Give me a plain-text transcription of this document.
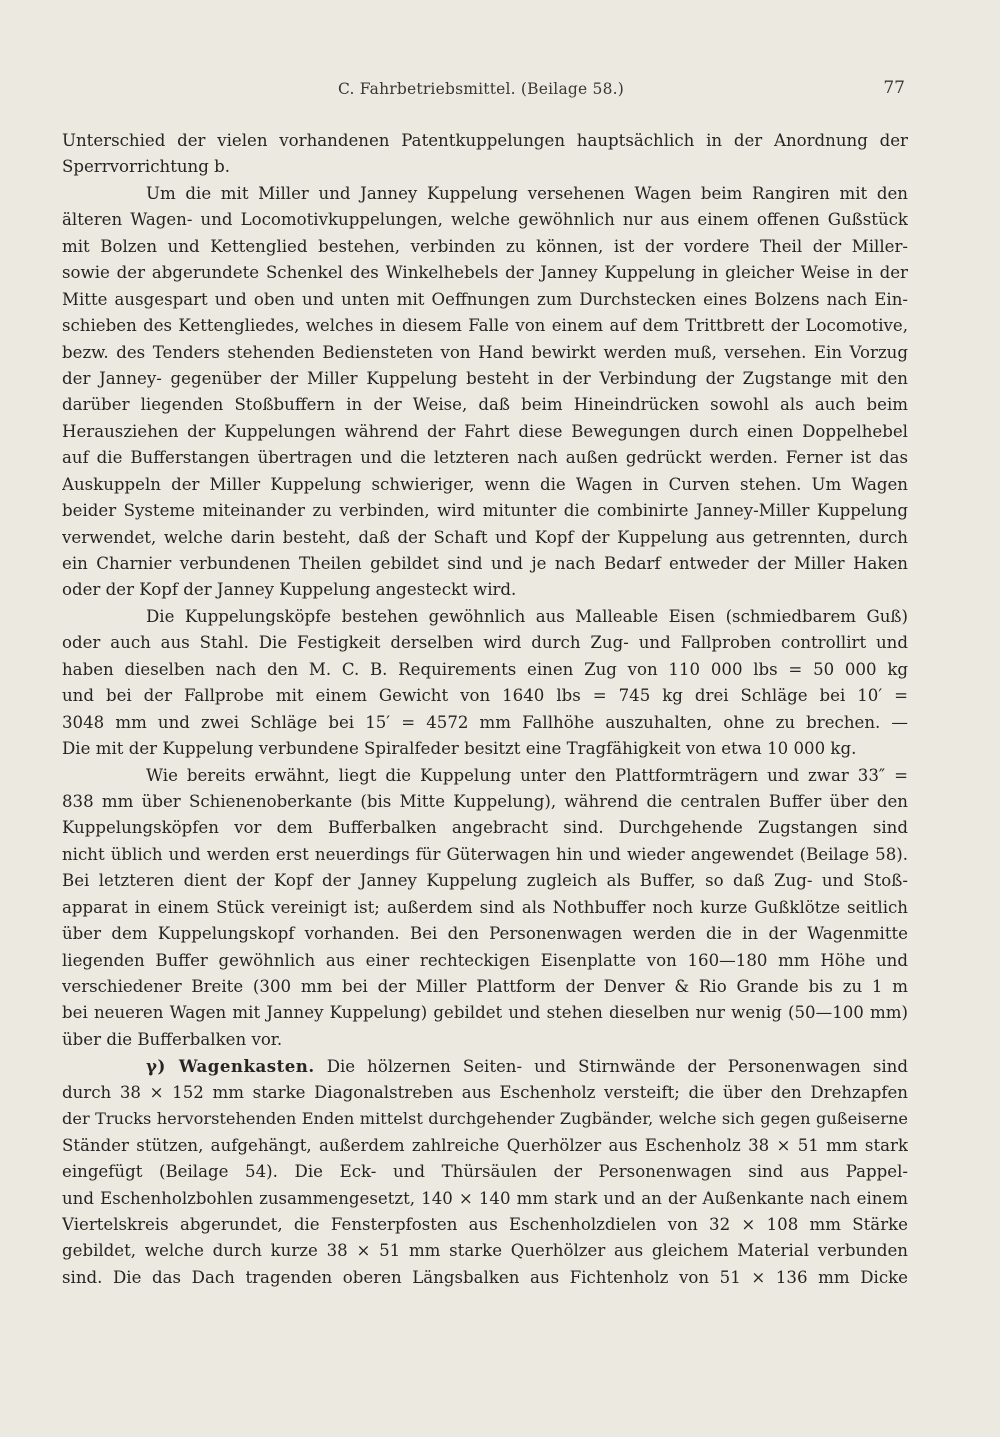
C. Fahrbetriebsmittel. (Beilage 58.)	77
Unterschied der vielen vorhandenen Patentkuppelungen hauptsächlich in der Anordnung der
Sperrvorrichtung b.
Um die mit Miller und Janney Kuppelung versehenen Wagen beim Rangiren mit den
älteren Wagen- und Locomotivkuppelungen, welche gewöhnlich nur aus einem offenen Gußstück
mit Bolzen und Kettenglied bestehen, verbinden zu können, ist der vordere Theil der Miller-
sowie der abgerundete Schenkel des Winkelhebels der Janney Kuppelung in gleicher Weise in der
Mitte ausgespart und oben und unten mit Oeffnungen zum Durchstecken eines Bolzens nach Ein-
schieben des Kettengliedes, welches in diesem Falle von einem auf dem Trittbrett der Locomotive,
bezw. des Tenders stehenden Bediensteten von Hand bewirkt werden muß, versehen. Ein Vorzug
der Janney- gegenüber der Miller Kuppelung besteht in der Verbindung der Zugstange mit den
darüber liegenden Stoßbuffern in der Weise, daß beim Hineindrücken sowohl als auch beim
Herausziehen der Kuppelungen während der Fahrt diese Bewegungen durch einen Doppelhebel
auf die Bufferstangen übertragen und die letzteren nach außen gedrückt werden. Ferner ist das
Auskuppeln der Miller Kuppelung schwieriger, wenn die Wagen in Curven stehen. Um Wagen
beider Systeme miteinander zu verbinden, wird mitunter die combinirte Janney-Miller Kuppelung
verwendet, welche darin besteht, daß der Schaft und Kopf der Kuppelung aus getrennten, durch
ein Charnier verbundenen Theilen gebildet sind und je nach Bedarf entweder der Miller Haken
oder der Kopf der Janney Kuppelung angesteckt wird.
Die Kuppelungsköpfe bestehen gewöhnlich aus Malleable Eisen (schmiedbarem Guß)
oder auch aus Stahl. Die Festigkeit derselben wird durch Zug- und Fallproben controllirt und
haben dieselben nach den M. C. B. Requirements einen Zug von 110 000 lbs = 50 000 kg
und bei der Fallprobe mit einem Gewicht von 1640 lbs = 745 kg drei Schläge bei 10′ =
3048 mm und zwei Schläge bei 15′ = 4572 mm Fallhöhe auszuhalten, ohne zu brechen. —
Die mit der Kuppelung verbundene Spiralfeder besitzt eine Tragfähigkeit von etwa 10 000 kg.
Wie bereits erwähnt, liegt die Kuppelung unter den Plattformträgern und zwar 33″ =
838 mm über Schienenoberkante (bis Mitte Kuppelung), während die centralen Buffer über den
Kuppelungsköpfen vor dem Bufferbalken angebracht sind. Durchgehende Zugstangen sind
nicht üblich und werden erst neuerdings für Güterwagen hin und wieder angewendet (Beilage 58).
Bei letzteren dient der Kopf der Janney Kuppelung zugleich als Buffer, so daß Zug- und Stoß-
apparat in einem Stück vereinigt ist; außerdem sind als Nothbuffer noch kurze Gußklötze seitlich
über dem Kuppelungskopf vorhanden. Bei den Personenwagen werden die in der Wagenmitte
liegenden Buffer gewöhnlich aus einer rechteckigen Eisenplatte von 160—180 mm Höhe und
verschiedener Breite (300 mm bei der Miller Plattform der Denver & Rio Grande bis zu 1 m
bei neueren Wagen mit Janney Kuppelung) gebildet und stehen dieselben nur wenig (50—100 mm)
über die Bufferbalken vor.
γ) Wagenkasten. Die hölzernen Seiten- und Stirnwände der Personenwagen sind
durch 38 × 152 mm starke Diagonalstreben aus Eschenholz versteift; die über den Drehzapfen
der Trucks hervorstehenden Enden mittelst durchgehender Zugbänder, welche sich gegen gußeiserne
Ständer stützen, aufgehängt, außerdem zahlreiche Querhölzer aus Eschenholz 38 × 51 mm stark
eingefügt (Beilage 54). Die Eck- und Thürsäulen der Personenwagen sind aus Pappel-
und Eschenholzbohlen zusammengesetzt, 140 × 140 mm stark und an der Außenkante nach einem
Viertelskreis abgerundet, die Fensterpfosten aus Eschenholzdielen von 32 × 108 mm Stärke
gebildet, welche durch kurze 38 × 51 mm starke Querhölzer aus gleichem Material verbunden
sind. Die das Dach tragenden oberen Längsbalken aus Fichtenholz von 51 × 136 mm Dicke
